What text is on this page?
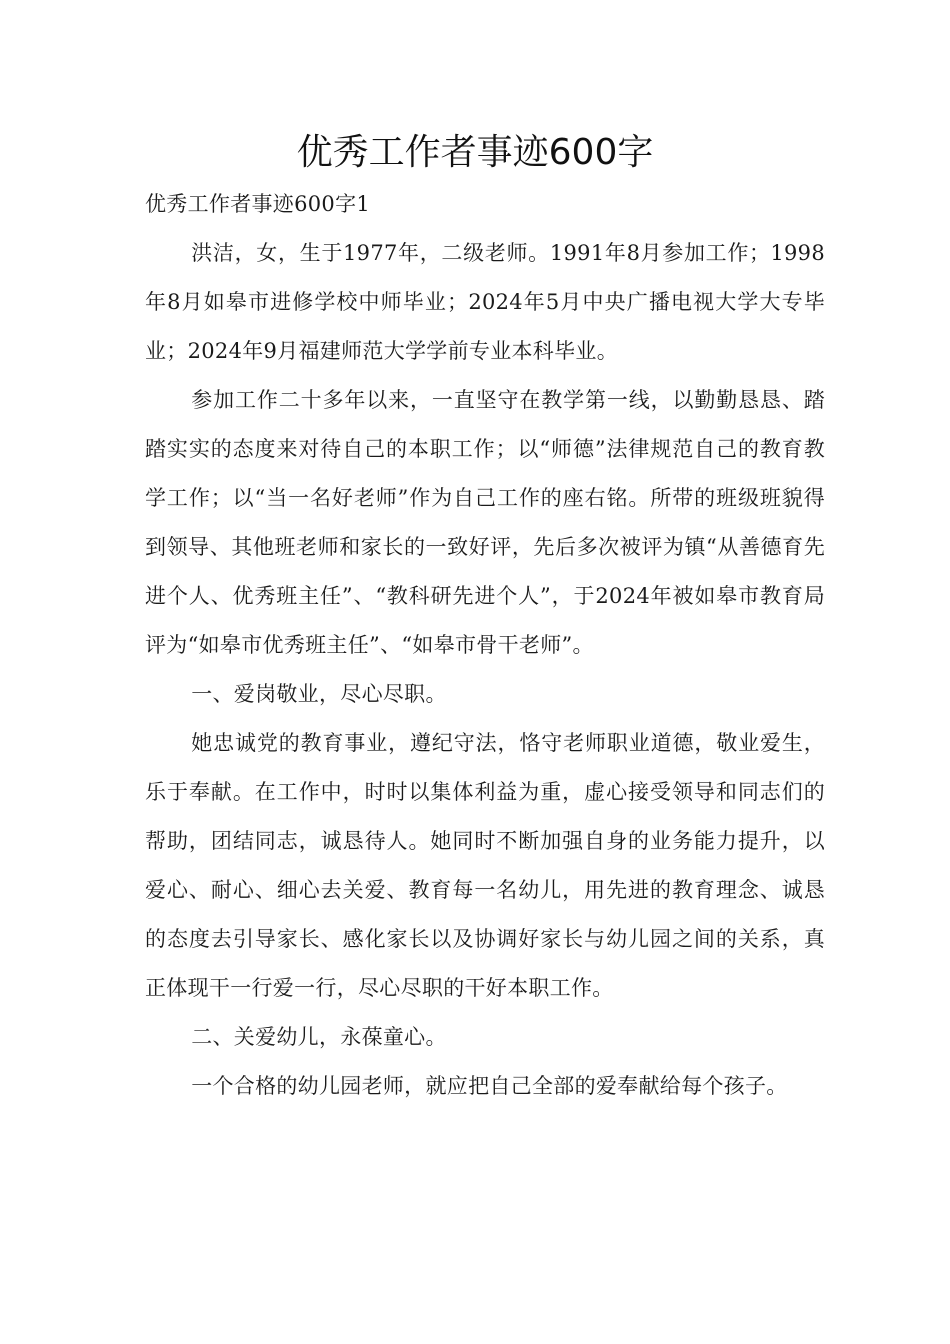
优秀工作者事迹600字

优秀工作者事迹600字1

洪洁，女，生于1977年，二级老师。1991年8月参加工作；1998年8月如皋市进修学校中师毕业；2024年5月中央广播电视大学大专毕业；2024年9月福建师范大学学前专业本科毕业。

参加工作二十多年以来，一直坚守在教学第一线，以勤勤恳恳、踏踏实实的态度来对待自己的本职工作；以“师德”法律规范自己的教育教学工作；以“当一名好老师”作为自己工作的座右铭。所带的班级班貌得到领导、其他班老师和家长的一致好评，先后多次被评为镇“从善德育先进个人、优秀班主任”、“教科研先进个人”，于2024年被如皋市教育局评为“如皋市优秀班主任”、“如皋市骨干老师”。

一、爱岗敬业，尽心尽职。

她忠诚党的教育事业，遵纪守法，恪守老师职业道德，敬业爱生，乐于奉献。在工作中，时时以集体利益为重，虚心接受领导和同志们的帮助，团结同志，诚恳待人。她同时不断加强自身的业务能力提升，以爱心、耐心、细心去关爱、教育每一名幼儿，用先进的教育理念、诚恳的态度去引导家长、感化家长以及协调好家长与幼儿园之间的关系，真正体现干一行爱一行，尽心尽职的干好本职工作。

二、关爱幼儿，永葆童心。

一个合格的幼儿园老师，就应把自己全部的爱奉献给每个孩子。
